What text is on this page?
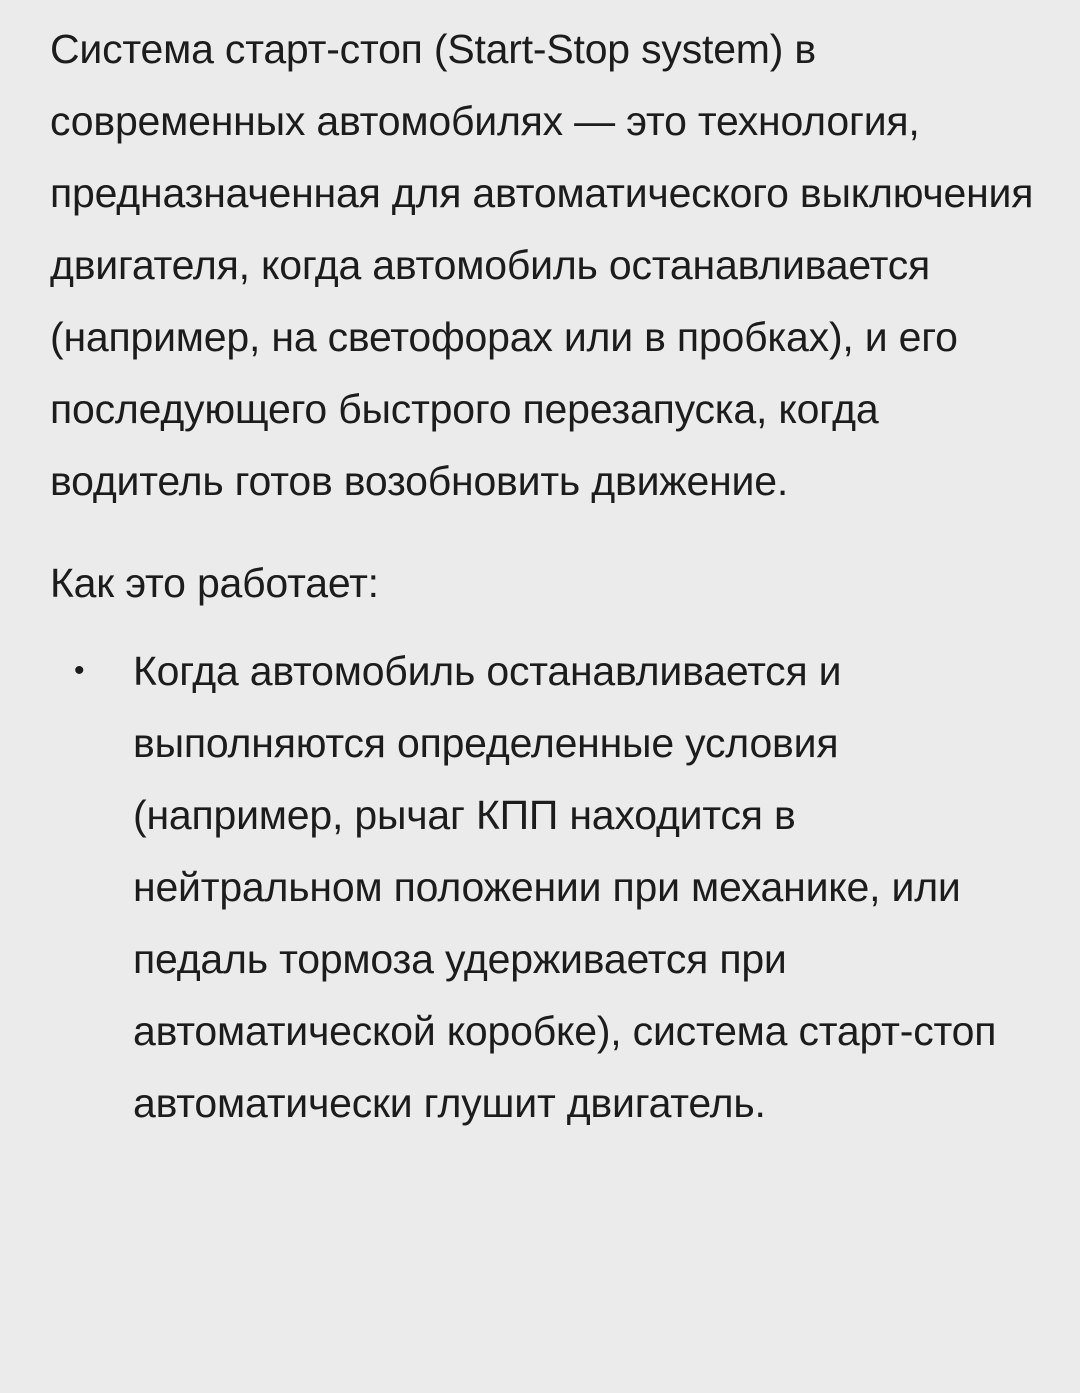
Система старт-стоп (Start-Stop system) в современных автомобилях — это технология, предназначенная для автоматического выключения двигателя, когда автомобиль останавливается (например, на светофорах или в пробках), и его последующего быстрого перезапуска, когда водитель готов возобновить движение.

Как это работает:
• Когда автомобиль останавливается и выполняются определенные условия (например, рычаг КПП находится в нейтральном положении при механике, или педаль тормоза удерживается при автоматической коробке), система старт-стоп автоматически глушит двигатель.
